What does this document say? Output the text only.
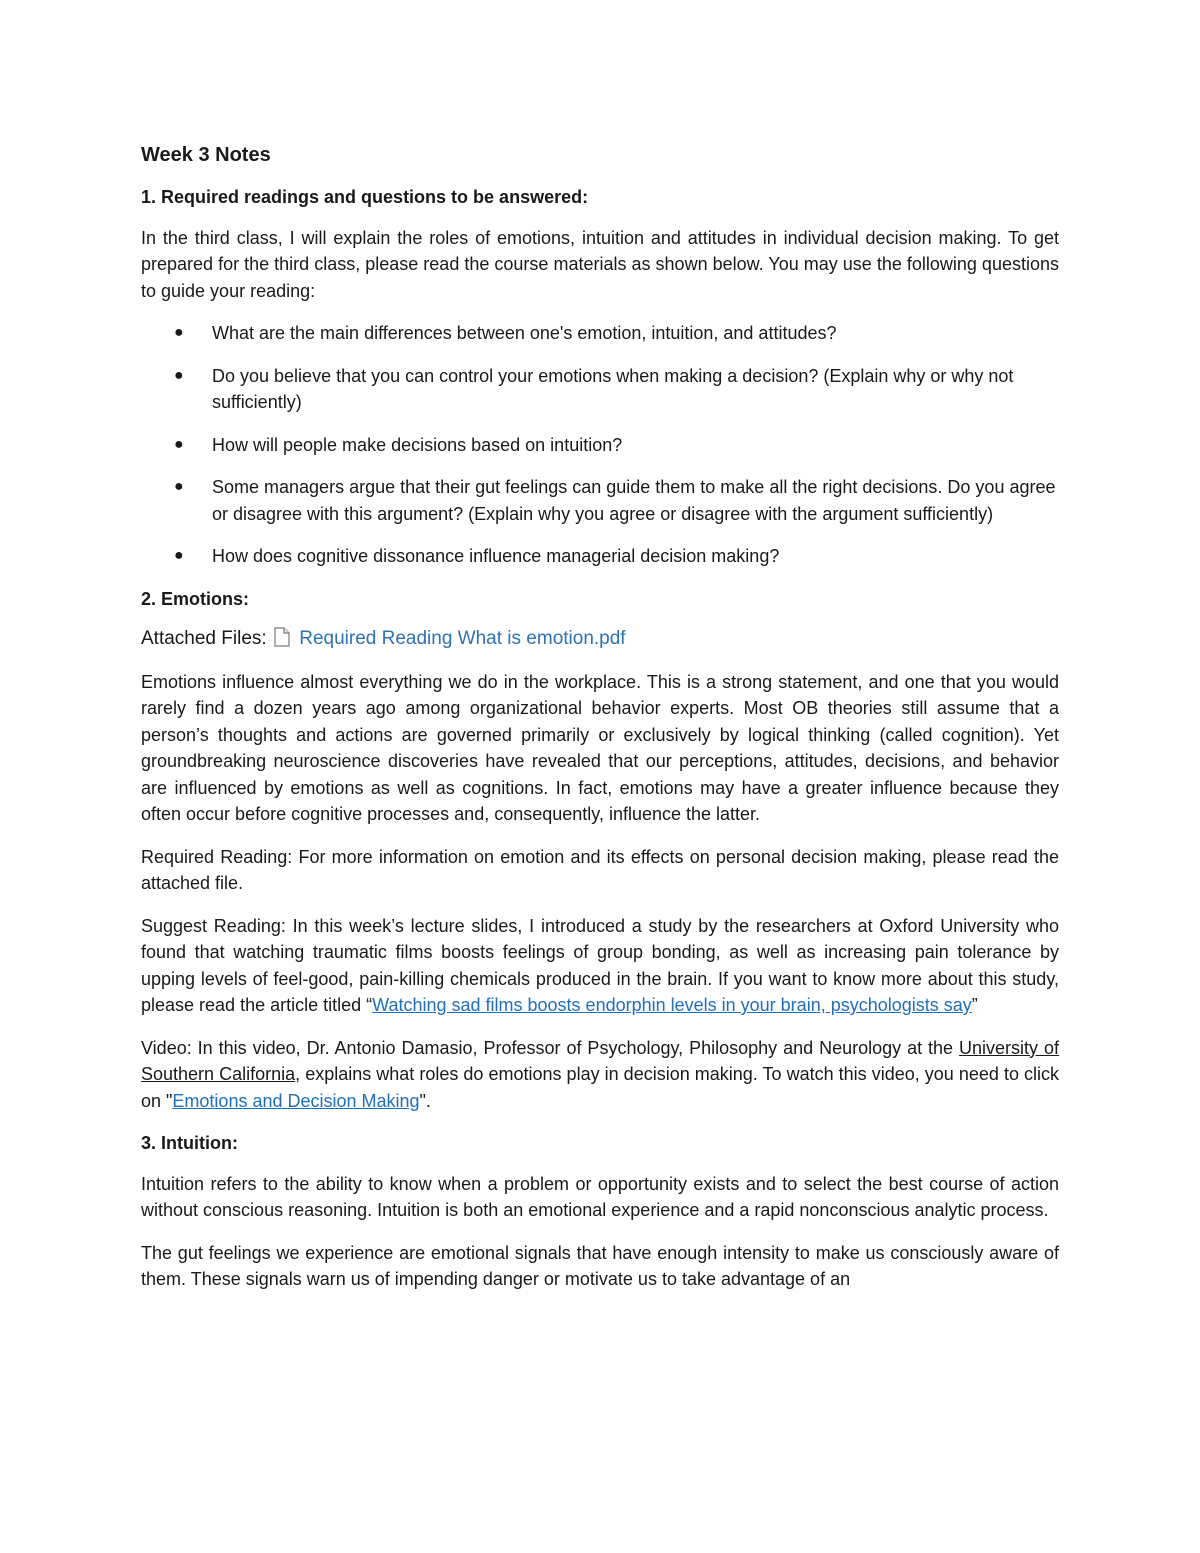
Week 3 Notes
1. Required readings and questions to be answered:

In the third class, I will explain the roles of emotions, intuition and attitudes in individual decision making. To get prepared for the third class, please read the course materials as shown below. You may use the following questions to guide your reading:

● What are the main differences between one's emotion, intuition, and attitudes?
● Do you believe that you can control your emotions when making a decision? (Explain why or why not sufficiently)
● How will people make decisions based on intuition?
● Some managers argue that their gut feelings can guide them to make all the right decisions. Do you agree or disagree with this argument? (Explain why you agree or disagree with the argument sufficiently)
● How does cognitive dissonance influence managerial decision making?
2. Emotions:
Attached Files: Required Reading What is emotion.pdf

Emotions influence almost everything we do in the workplace. This is a strong statement, and one that you would rarely find a dozen years ago among organizational behavior experts. Most OB theories still assume that a person’s thoughts and actions are governed primarily or exclusively by logical thinking (called cognition). Yet groundbreaking neuroscience discoveries have revealed that our perceptions, attitudes, decisions, and behavior are influenced by emotions as well as cognitions. In fact, emotions may have a greater influence because they often occur before cognitive processes and, consequently, influence the latter.

Required Reading: For more information on emotion and its effects on personal decision making, please read the attached file.

Suggest Reading: In this week’s lecture slides, I introduced a study by the researchers at Oxford University who found that watching traumatic films boosts feelings of group bonding, as well as increasing pain tolerance by upping levels of feel-good, pain-killing chemicals produced in the brain. If you want to know more about this study, please read the article titled “Watching sad films boosts endorphin levels in your brain, psychologists say”

Video: In this video, Dr. Antonio Damasio, Professor of Psychology, Philosophy and Neurology at the University of Southern California, explains what roles do emotions play in decision making. To watch this video, you need to click on "Emotions and Decision Making".

3. Intuition:

Intuition refers to the ability to know when a problem or opportunity exists and to select the best course of action without conscious reasoning. Intuition is both an emotional experience and a rapid nonconscious analytic process.

The gut feelings we experience are emotional signals that have enough intensity to make us consciously aware of them. These signals warn us of impending danger or motivate us to take advantage of an
